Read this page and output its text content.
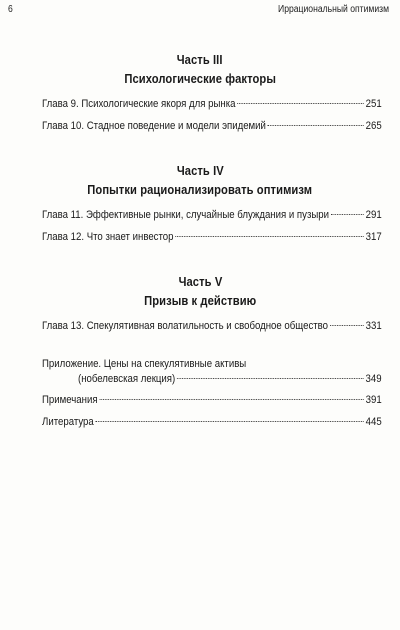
6	Иррациональный оптимизм
Часть III
Психологические факторы
Глава 9. Психологические якоря для рынка	251
Глава 10. Стадное поведение и модели эпидемий	265
Часть IV
Попытки рационализировать оптимизм
Глава 11. Эффективные рынки, случайные блуждания и пузыри	291
Глава 12. Что знает инвестор	317
Часть V
Призыв к действию
Глава 13. Спекулятивная волатильность и свободное общество	331
Приложение. Цены на спекулятивные активы
(нобелевская лекция)	349
Примечания	391
Литература	445
